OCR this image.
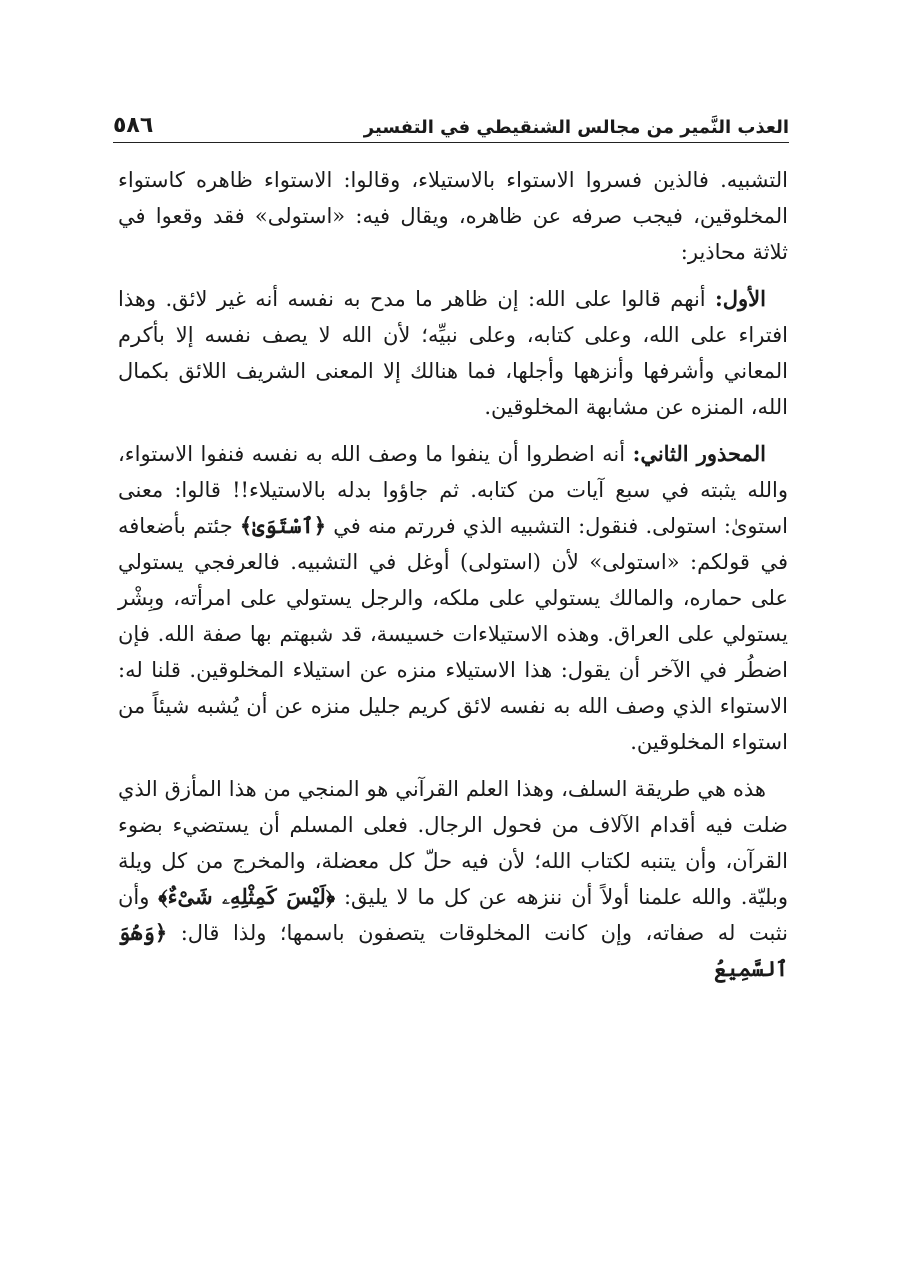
العذب النَّمير من مجالس الشنقيطي في التفسير
٥٨٦

التشبيه. فالذين فسروا الاستواء بالاستيلاء، وقالوا: الاستواء ظاهره كاستواء المخلوقين، فيجب صرفه عن ظاهره، ويقال فيه: «استولى» فقد وقعوا في ثلاثة محاذير:

الأول: أنهم قالوا على الله: إن ظاهر ما مدح به نفسه أنه غير لائق. وهذا افتراء على الله، وعلى كتابه، وعلى نبيِّه؛ لأن الله لا يصف نفسه إلا بأكرم المعاني وأشرفها وأنزهها وأجلها، فما هنالك إلا المعنى الشريف اللائق بكمال الله، المنزه عن مشابهة المخلوقين.

المحذور الثاني: أنه اضطروا أن ينفوا ما وصف الله به نفسه فنفوا الاستواء، والله يثبته في سبع آيات من كتابه. ثم جاؤوا بدله بالاستيلاء!! قالوا: معنى استوىٰ: استولى. فنقول: التشبيه الذي فررتم منه في ﴿ٱسْتَوَىٰ﴾ جئتم بأضعافه في قولكم: «استولى» لأن (استولى) أوغل في التشبيه. فالعرفجي يستولي على حماره، والمالك يستولي على ملكه، والرجل يستولي على امرأته، وبِشْر يستولي على العراق. وهذه الاستيلاءات خسيسة، قد شبهتم بها صفة الله. فإن اضطُر في الآخر أن يقول: هذا الاستيلاء منزه عن استيلاء المخلوقين. قلنا له: الاستواء الذي وصف الله به نفسه لائق كريم جليل منزه عن أن يُشبه شيئاً من استواء المخلوقين.

هذه هي طريقة السلف، وهذا العلم القرآني هو المنجي من هذا المأزق الذي ضلت فيه أقدام الآلاف من فحول الرجال. فعلى المسلم أن يستضيء بضوء القرآن، وأن يتنبه لكتاب الله؛ لأن فيه حلّ كل معضلة، والمخرج من كل ويلة وبليّة. والله علمنا أولاً أن ننزهه عن كل ما لا يليق: ﴿لَيْسَ كَمِثْلِهِۦ شَىْءٌ﴾ وأن نثبت له صفاته، وإن كانت المخلوقات يتصفون باسمها؛ ولذا قال: ﴿وَهُوَ ٱلسَّمِيعُ
